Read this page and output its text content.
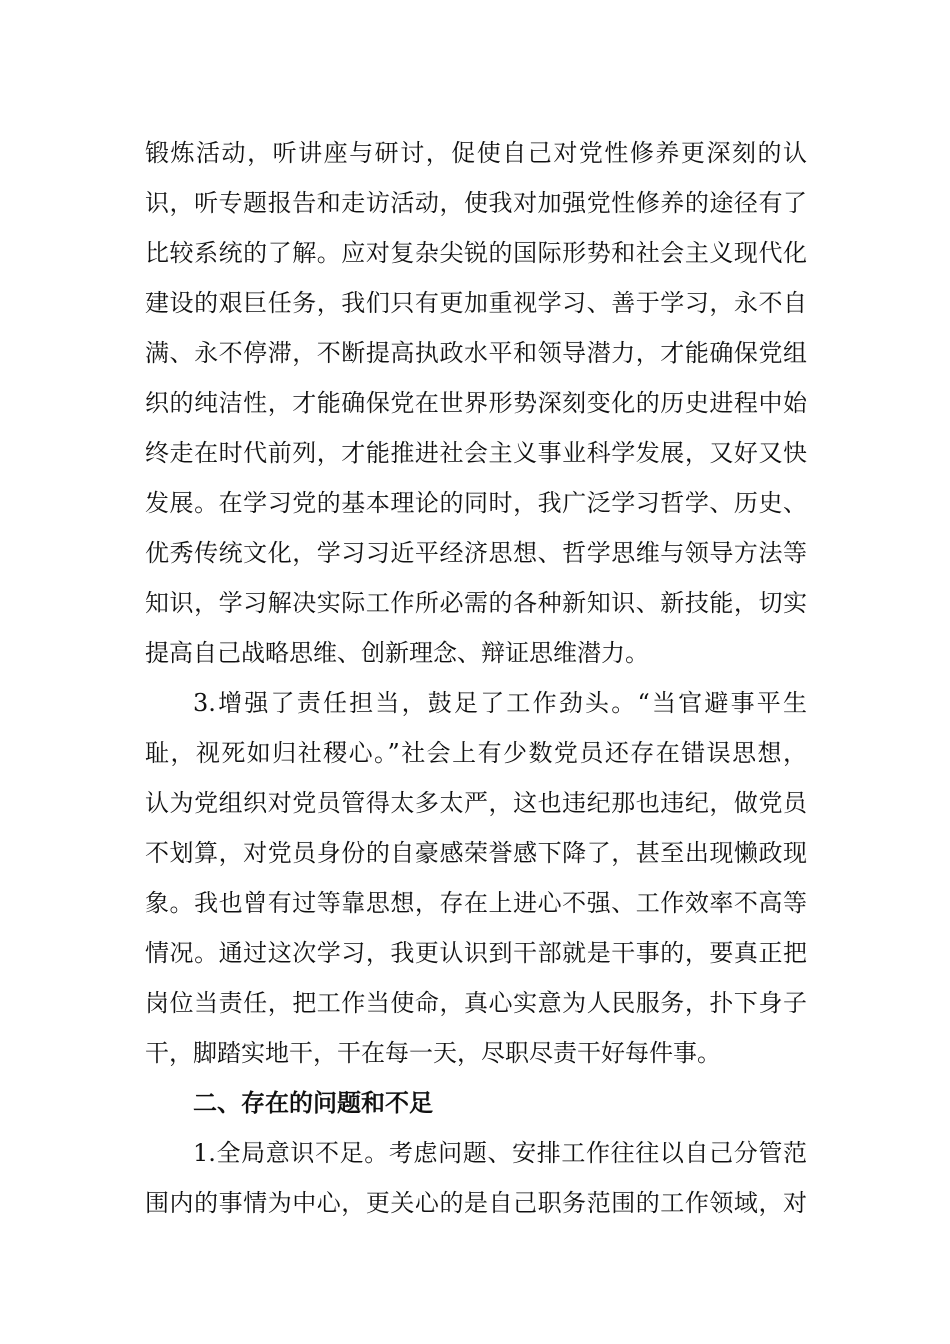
锻炼活动，听讲座与研讨，促使自己对党性修养更深刻的认
识，听专题报告和走访活动，使我对加强党性修养的途径有了
比较系统的了解。应对复杂尖锐的国际形势和社会主义现代化
建设的艰巨任务，我们只有更加重视学习、善于学习，永不自
满、永不停滞，不断提高执政水平和领导潜力，才能确保党组
织的纯洁性，才能确保党在世界形势深刻变化的历史进程中始
终走在时代前列，才能推进社会主义事业科学发展，又好又快
发展。在学习党的基本理论的同时，我广泛学习哲学、历史、
优秀传统文化，学习习近平经济思想、哲学思维与领导方法等
知识，学习解决实际工作所必需的各种新知识、新技能，切实
提高自己战略思维、创新理念、辩证思维潜力。
3.增强了责任担当，鼓足了工作劲头。“当官避事平生
耻，视死如归社稷心。”社会上有少数党员还存在错误思想，
认为党组织对党员管得太多太严，这也违纪那也违纪，做党员
不划算，对党员身份的自豪感荣誉感下降了，甚至出现懒政现
象。我也曾有过等靠思想，存在上进心不强、工作效率不高等
情况。通过这次学习，我更认识到干部就是干事的，要真正把
岗位当责任，把工作当使命，真心实意为人民服务，扑下身子
干，脚踏实地干，干在每一天，尽职尽责干好每件事。
二、存在的问题和不足
1.全局意识不足。考虑问题、安排工作往往以自己分管范
围内的事情为中心，更关心的是自己职务范围的工作领域，对
